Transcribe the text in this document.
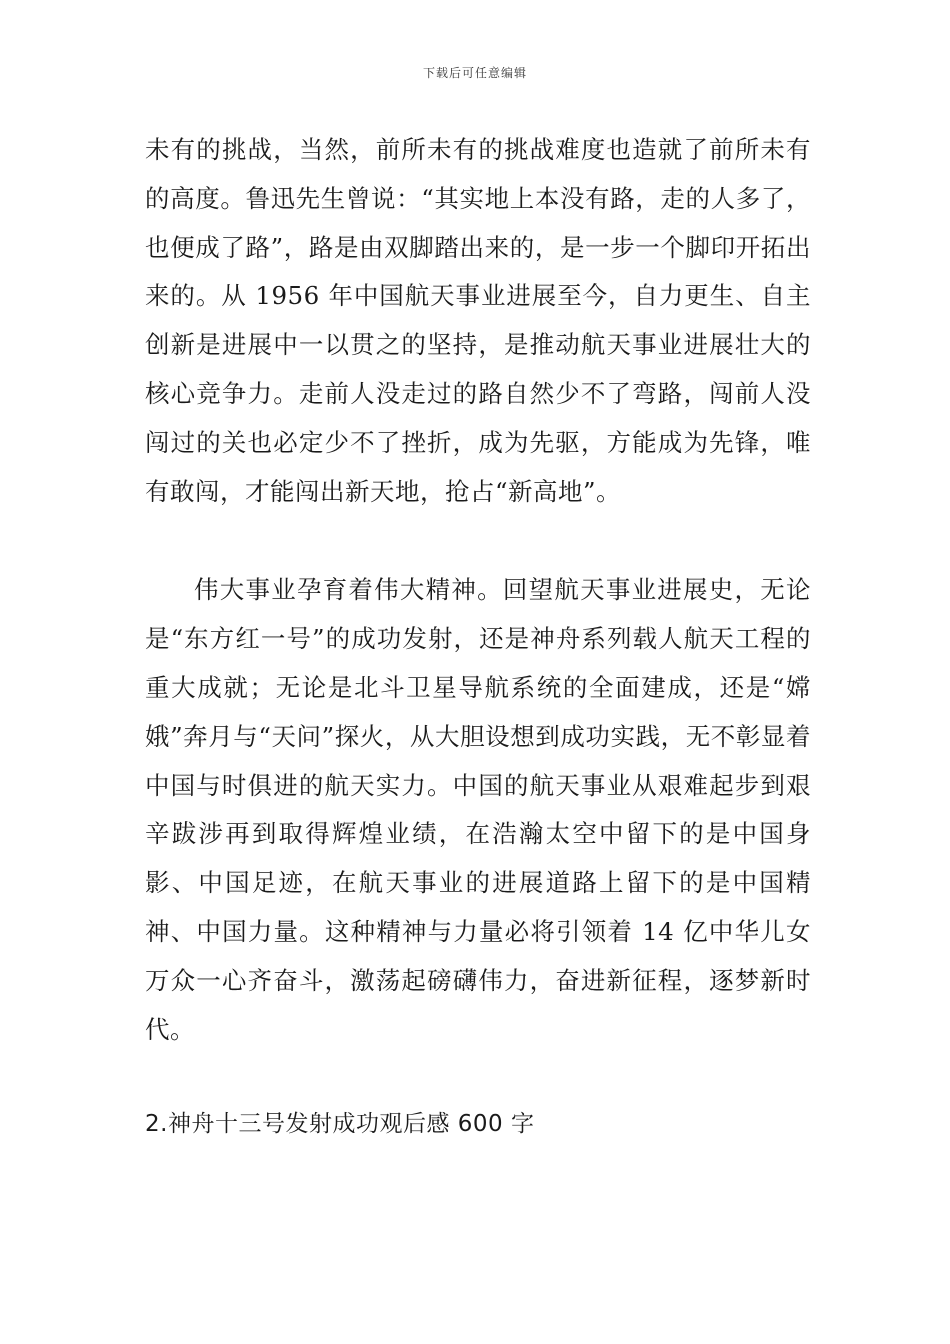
下载后可任意编辑

未有的挑战，当然，前所未有的挑战难度也造就了前所未有的高度。鲁迅先生曾说：“其实地上本没有路，走的人多了，也便成了路”，路是由双脚踏出来的，是一步一个脚印开拓出来的。从 1956 年中国航天事业进展至今，自力更生、自主创新是进展中一以贯之的坚持，是推动航天事业进展壮大的核心竞争力。走前人没走过的路自然少不了弯路，闯前人没闯过的关也必定少不了挫折，成为先驱，方能成为先锋，唯有敢闯，才能闯出新天地，抢占“新高地”。

伟大事业孕育着伟大精神。回望航天事业进展史，无论是“东方红一号”的成功发射，还是神舟系列载人航天工程的重大成就；无论是北斗卫星导航系统的全面建成，还是“嫦娥”奔月与“天问”探火，从大胆设想到成功实践，无不彰显着中国与时俱进的航天实力。中国的航天事业从艰难起步到艰辛跋涉再到取得辉煌业绩，在浩瀚太空中留下的是中国身影、中国足迹，在航天事业的进展道路上留下的是中国精神、中国力量。这种精神与力量必将引领着 14 亿中华儿女万众一心齐奋斗，激荡起磅礴伟力，奋进新征程，逐梦新时代。

2.神舟十三号发射成功观后感 600 字
